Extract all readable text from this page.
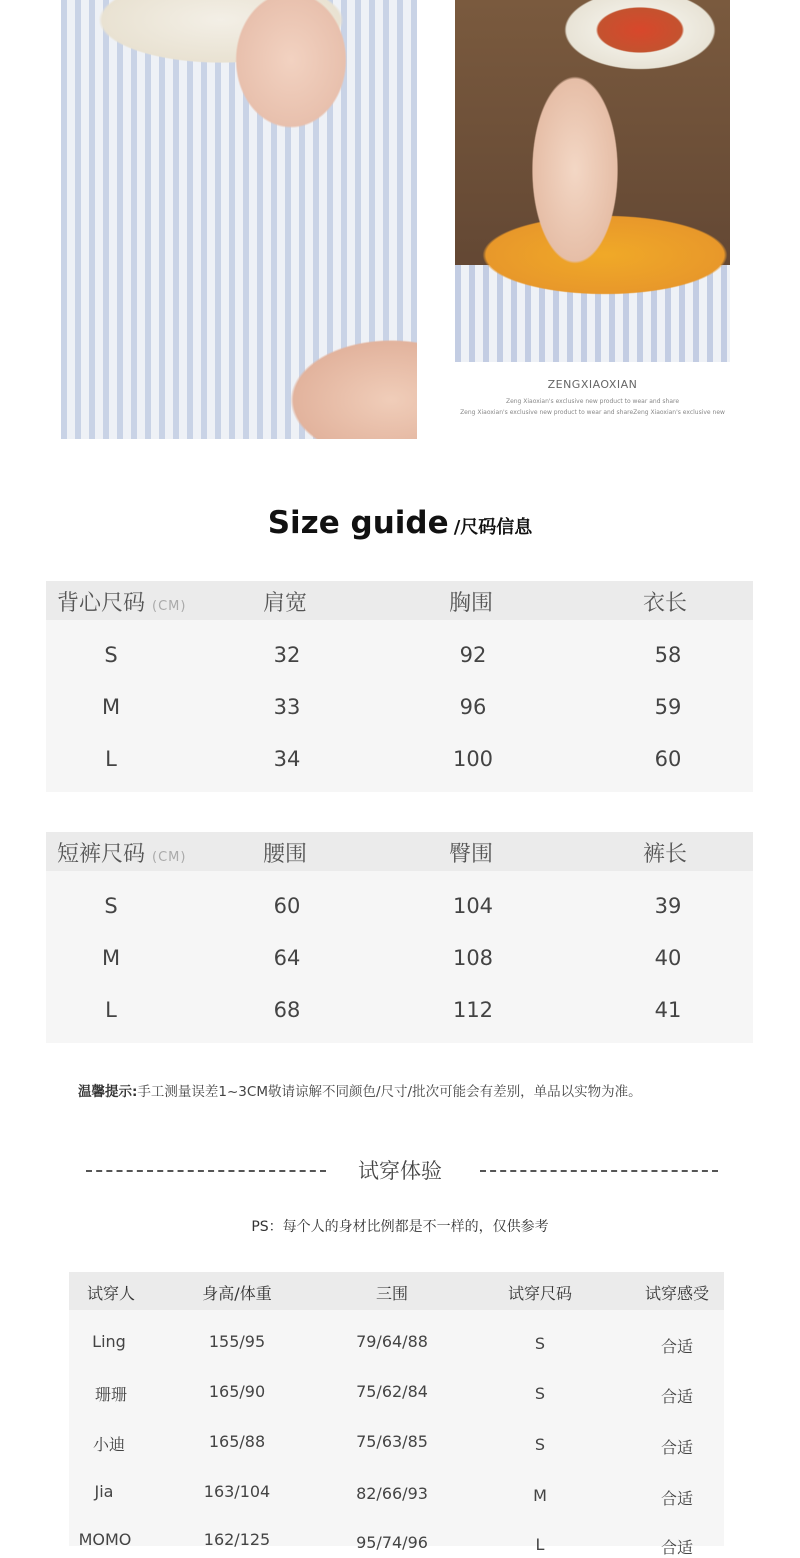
ZENGXIAOXIAN
Zeng Xiaoxian's exclusive new product to wear and share
Zeng Xiaoxian's exclusive new product to wear and shareZeng Xiaoxian's exclusive new
Size guide /尺码信息
背心尺码 (CM)	肩宽	胸围	衣长
S	32	92	58
M	33	96	59
L	34	100	60
短裤尺码 (CM)	腰围	臀围	裤长
S	60	104	39
M	64	108	40
L	68	112	41
温馨提示:手工测量误差1~3CM敬请谅解不同颜色/尺寸/批次可能会有差别，单品以实物为准。
试穿体验
PS：每个人的身材比例都是不一样的，仅供参考
试穿人	身高/体重	三围	试穿尺码	试穿感受
Ling	155/95	79/64/88	S	合适
珊珊	165/90	75/62/84	S	合适
小迪	165/88	75/63/85	S	合适
Jia	163/104	82/66/93	M	合适
MOMO	162/125	95/74/96	L	合适
